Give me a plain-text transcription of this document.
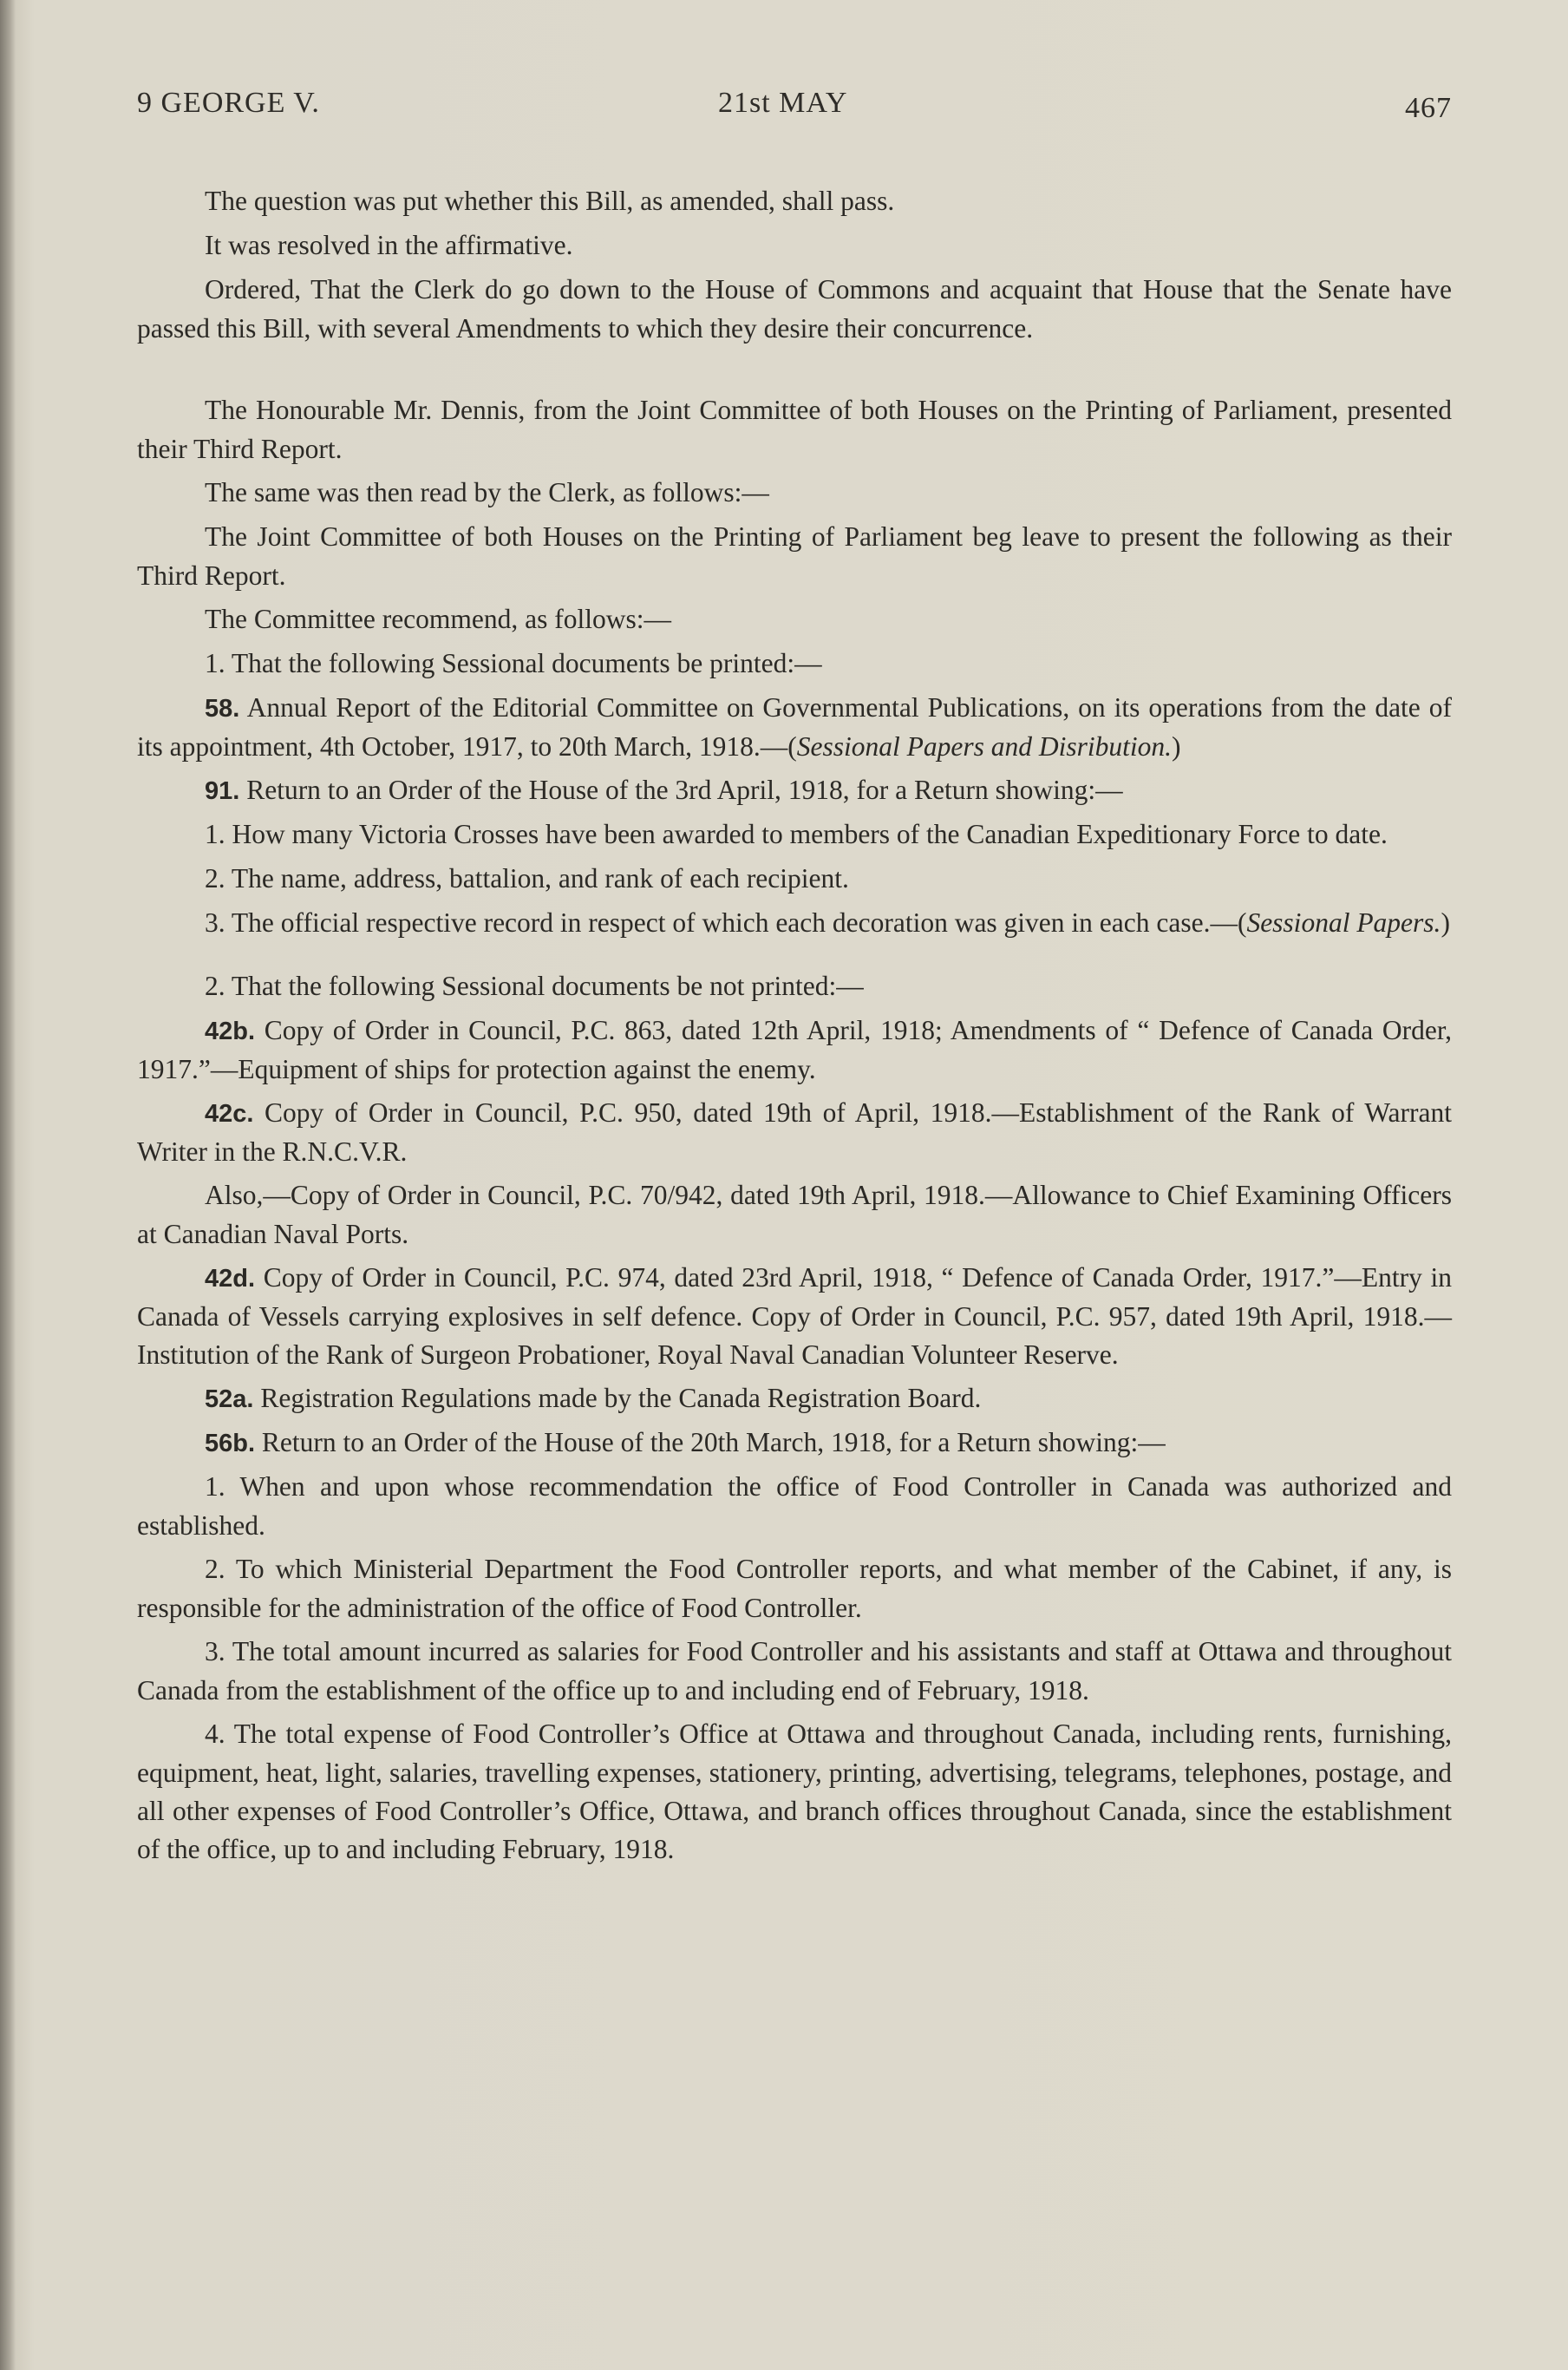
9 GEORGE V.	21st MAY	467

The question was put whether this Bill, as amended, shall pass.

It was resolved in the affirmative.

Ordered, That the Clerk do go down to the House of Commons and acquaint that House that the Senate have passed this Bill, with several Amendments to which they desire their concurrence.

The Honourable Mr. Dennis, from the Joint Committee of both Houses on the Printing of Parliament, presented their Third Report.

The same was then read by the Clerk, as follows:—

The Joint Committee of both Houses on the Printing of Parliament beg leave to present the following as their Third Report.

The Committee recommend, as follows:—

1. That the following Sessional documents be printed:—

58. Annual Report of the Editorial Committee on Governmental Publications, on its operations from the date of its appointment, 4th October, 1917, to 20th March, 1918.—(Sessional Papers and Disribution.)

91. Return to an Order of the House of the 3rd April, 1918, for a Return showing:—

1. How many Victoria Crosses have been awarded to members of the Canadian Expeditionary Force to date.

2. The name, address, battalion, and rank of each recipient.

3. The official respective record in respect of which each decoration was given in each case.—(Sessional Papers.)

2. That the following Sessional documents be not printed:—

42b. Copy of Order in Council, P.C. 863, dated 12th April, 1918; Amendments of “ Defence of Canada Order, 1917.”—Equipment of ships for protection against the enemy.

42c. Copy of Order in Council, P.C. 950, dated 19th of April, 1918.—Establishment of the Rank of Warrant Writer in the R.N.C.V.R.

Also,—Copy of Order in Council, P.C. 70/942, dated 19th April, 1918.—Allowance to Chief Examining Officers at Canadian Naval Ports.

42d. Copy of Order in Council, P.C. 974, dated 23rd April, 1918, “ Defence of Canada Order, 1917.”—Entry in Canada of Vessels carrying explosives in self defence. Copy of Order in Council, P.C. 957, dated 19th April, 1918.—Institution of the Rank of Surgeon Probationer, Royal Naval Canadian Volunteer Reserve.

52a. Registration Regulations made by the Canada Registration Board.

56b. Return to an Order of the House of the 20th March, 1918, for a Return showing:—

1. When and upon whose recommendation the office of Food Controller in Canada was authorized and established.

2. To which Ministerial Department the Food Controller reports, and what member of the Cabinet, if any, is responsible for the administration of the office of Food Controller.

3. The total amount incurred as salaries for Food Controller and his assistants and staff at Ottawa and throughout Canada from the establishment of the office up to and including end of February, 1918.

4. The total expense of Food Controller’s Office at Ottawa and throughout Canada, including rents, furnishing, equipment, heat, light, salaries, travelling expenses, stationery, printing, advertising, telegrams, telephones, postage, and all other expenses of Food Controller’s Office, Ottawa, and branch offices throughout Canada, since the establishment of the office, up to and including February, 1918.
